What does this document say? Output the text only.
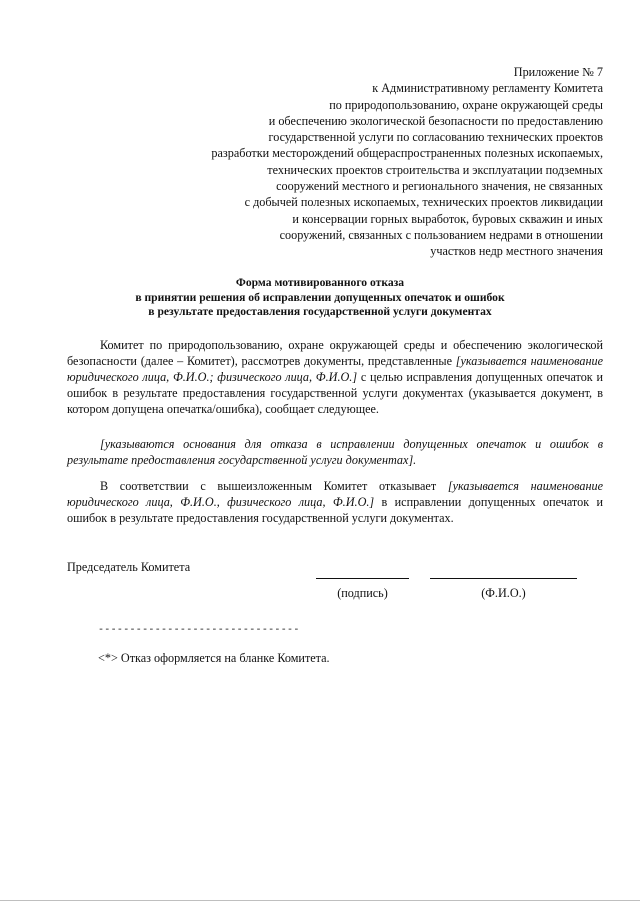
Приложение № 7
к Административному регламенту Комитета
по природопользованию, охране окружающей среды
и обеспечению экологической безопасности по предоставлению
государственной услуги по согласованию технических проектов
разработки месторождений общераспространенных полезных ископаемых,
технических проектов строительства и эксплуатации подземных
сооружений местного и регионального значения, не связанных
с добычей полезных ископаемых, технических проектов ликвидации
и консервации горных выработок, буровых скважин и иных
сооружений, связанных с пользованием недрами в отношении
участков недр местного значения
Форма мотивированного отказа
в принятии решения об исправлении допущенных опечаток и ошибок
в результате предоставления государственной услуги документах
Комитет по природопользованию, охране окружающей среды и обеспечению экологической безопасности (далее – Комитет), рассмотрев документы, представленные [указывается наименование юридического лица, Ф.И.О.; физического лица, Ф.И.О.] с целью исправления допущенных опечаток и ошибок в результате предоставления государственной услуги документах (указывается документ, в котором допущена опечатка/ошибка), сообщает следующее.
[указываются основания для отказа в исправлении допущенных опечаток и ошибок в результате предоставления государственной услуги документах].
В соответствии с вышеизложенным Комитет отказывает [указывается наименование юридического лица, Ф.И.О., физического лица, Ф.И.О.] в исправлении допущенных опечаток и ошибок в результате предоставления государственной услуги документах.
Председатель Комитета
(подпись)	(Ф.И.О.)
--------------------------------
<*> Отказ оформляется на бланке Комитета.
